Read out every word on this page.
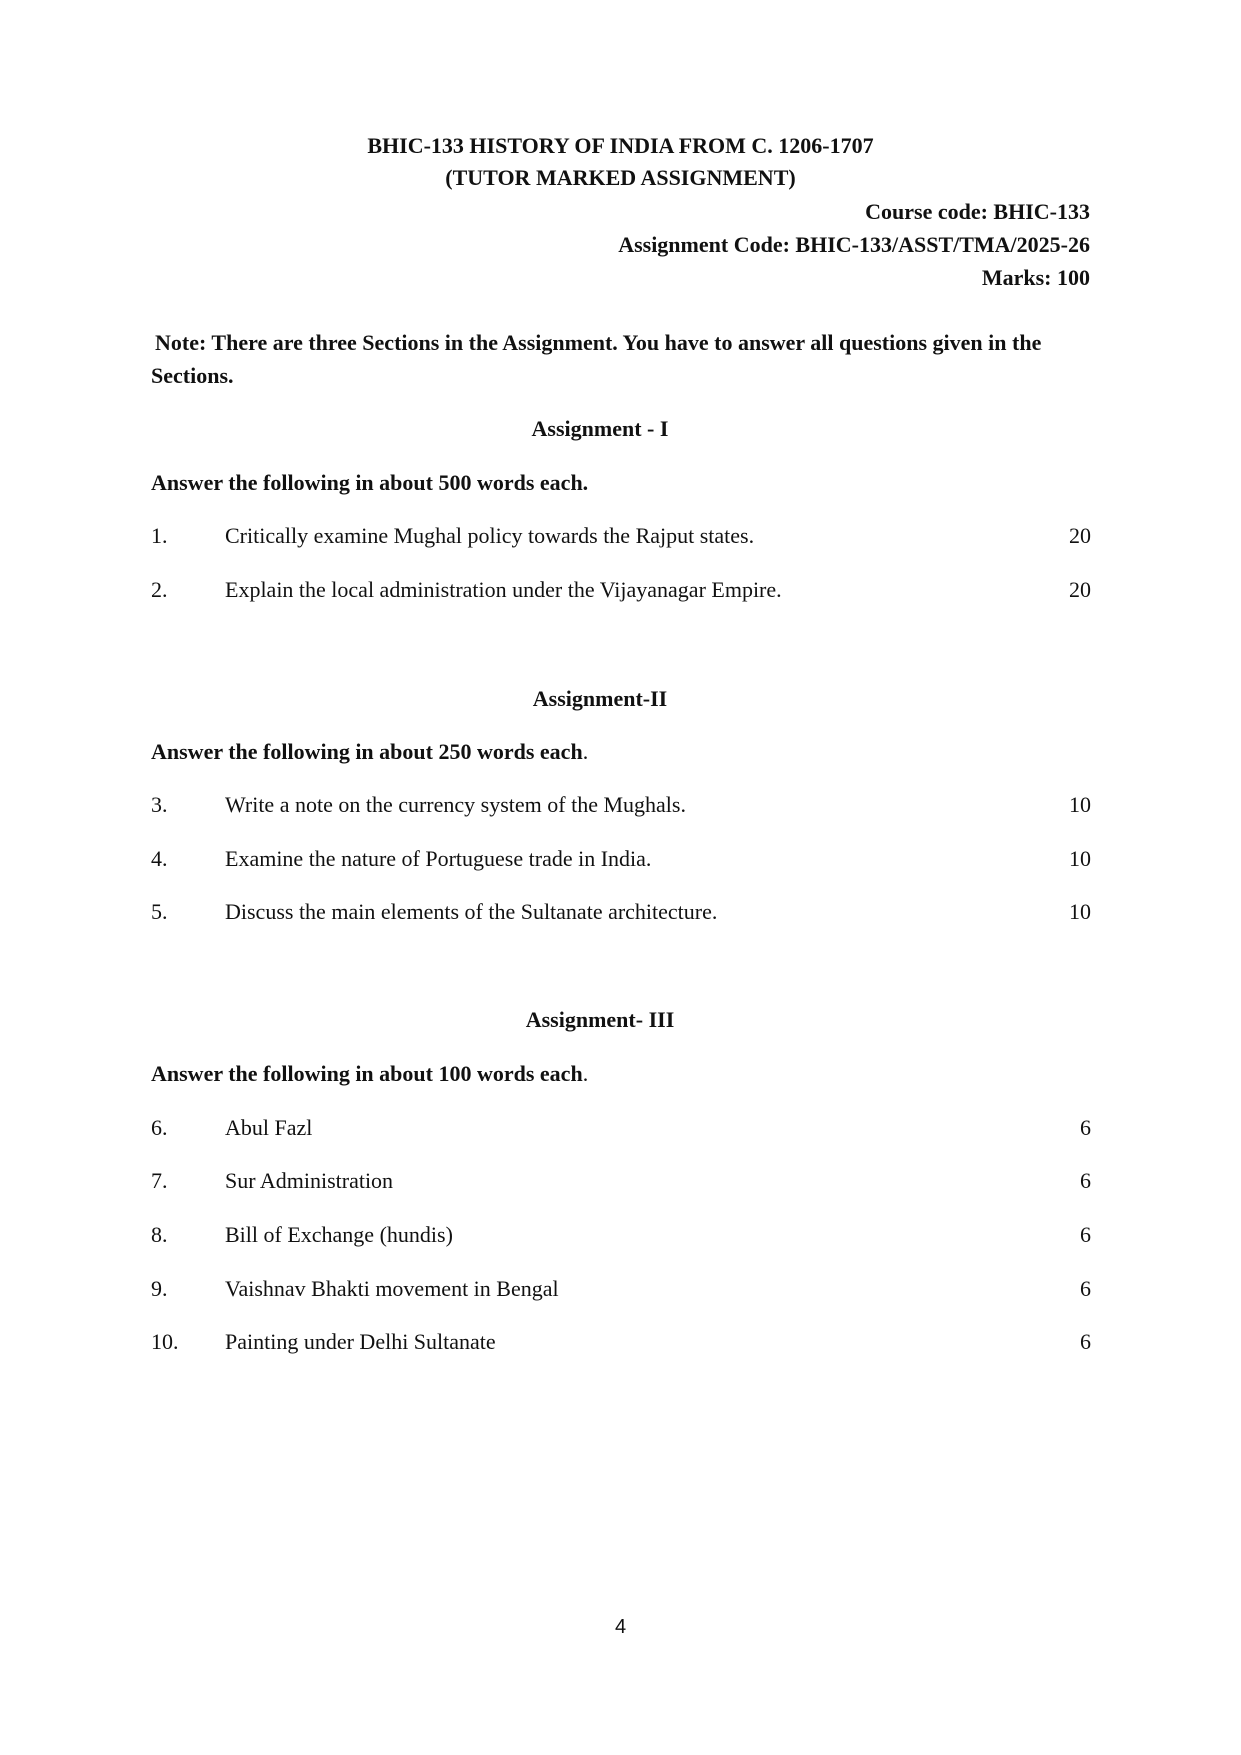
BHIC-133 HISTORY OF INDIA FROM C. 1206-1707
(TUTOR MARKED ASSIGNMENT)
Course code: BHIC-133
Assignment Code: BHIC-133/ASST/TMA/2025-26
Marks: 100
Note: There are three Sections in the Assignment. You have to answer all questions given in the Sections.
Assignment - I
Answer the following in about 500 words each.
1.	Critically examine Mughal policy towards the Rajput states.	20
2.	Explain the local administration under the Vijayanagar Empire.	20
Assignment-II
Answer the following in about 250 words each.
3.	Write a note on the currency system of the Mughals.	10
4.	Examine the nature of Portuguese trade in India.	10
5.	Discuss the main elements of the Sultanate architecture.	10
Assignment- III
Answer the following in about 100 words each.
6.	Abul Fazl	6
7.	Sur Administration	6
8.	Bill of Exchange (hundis)	6
9.	Vaishnav Bhakti movement in Bengal	6
10. Painting under Delhi Sultanate	6
4
